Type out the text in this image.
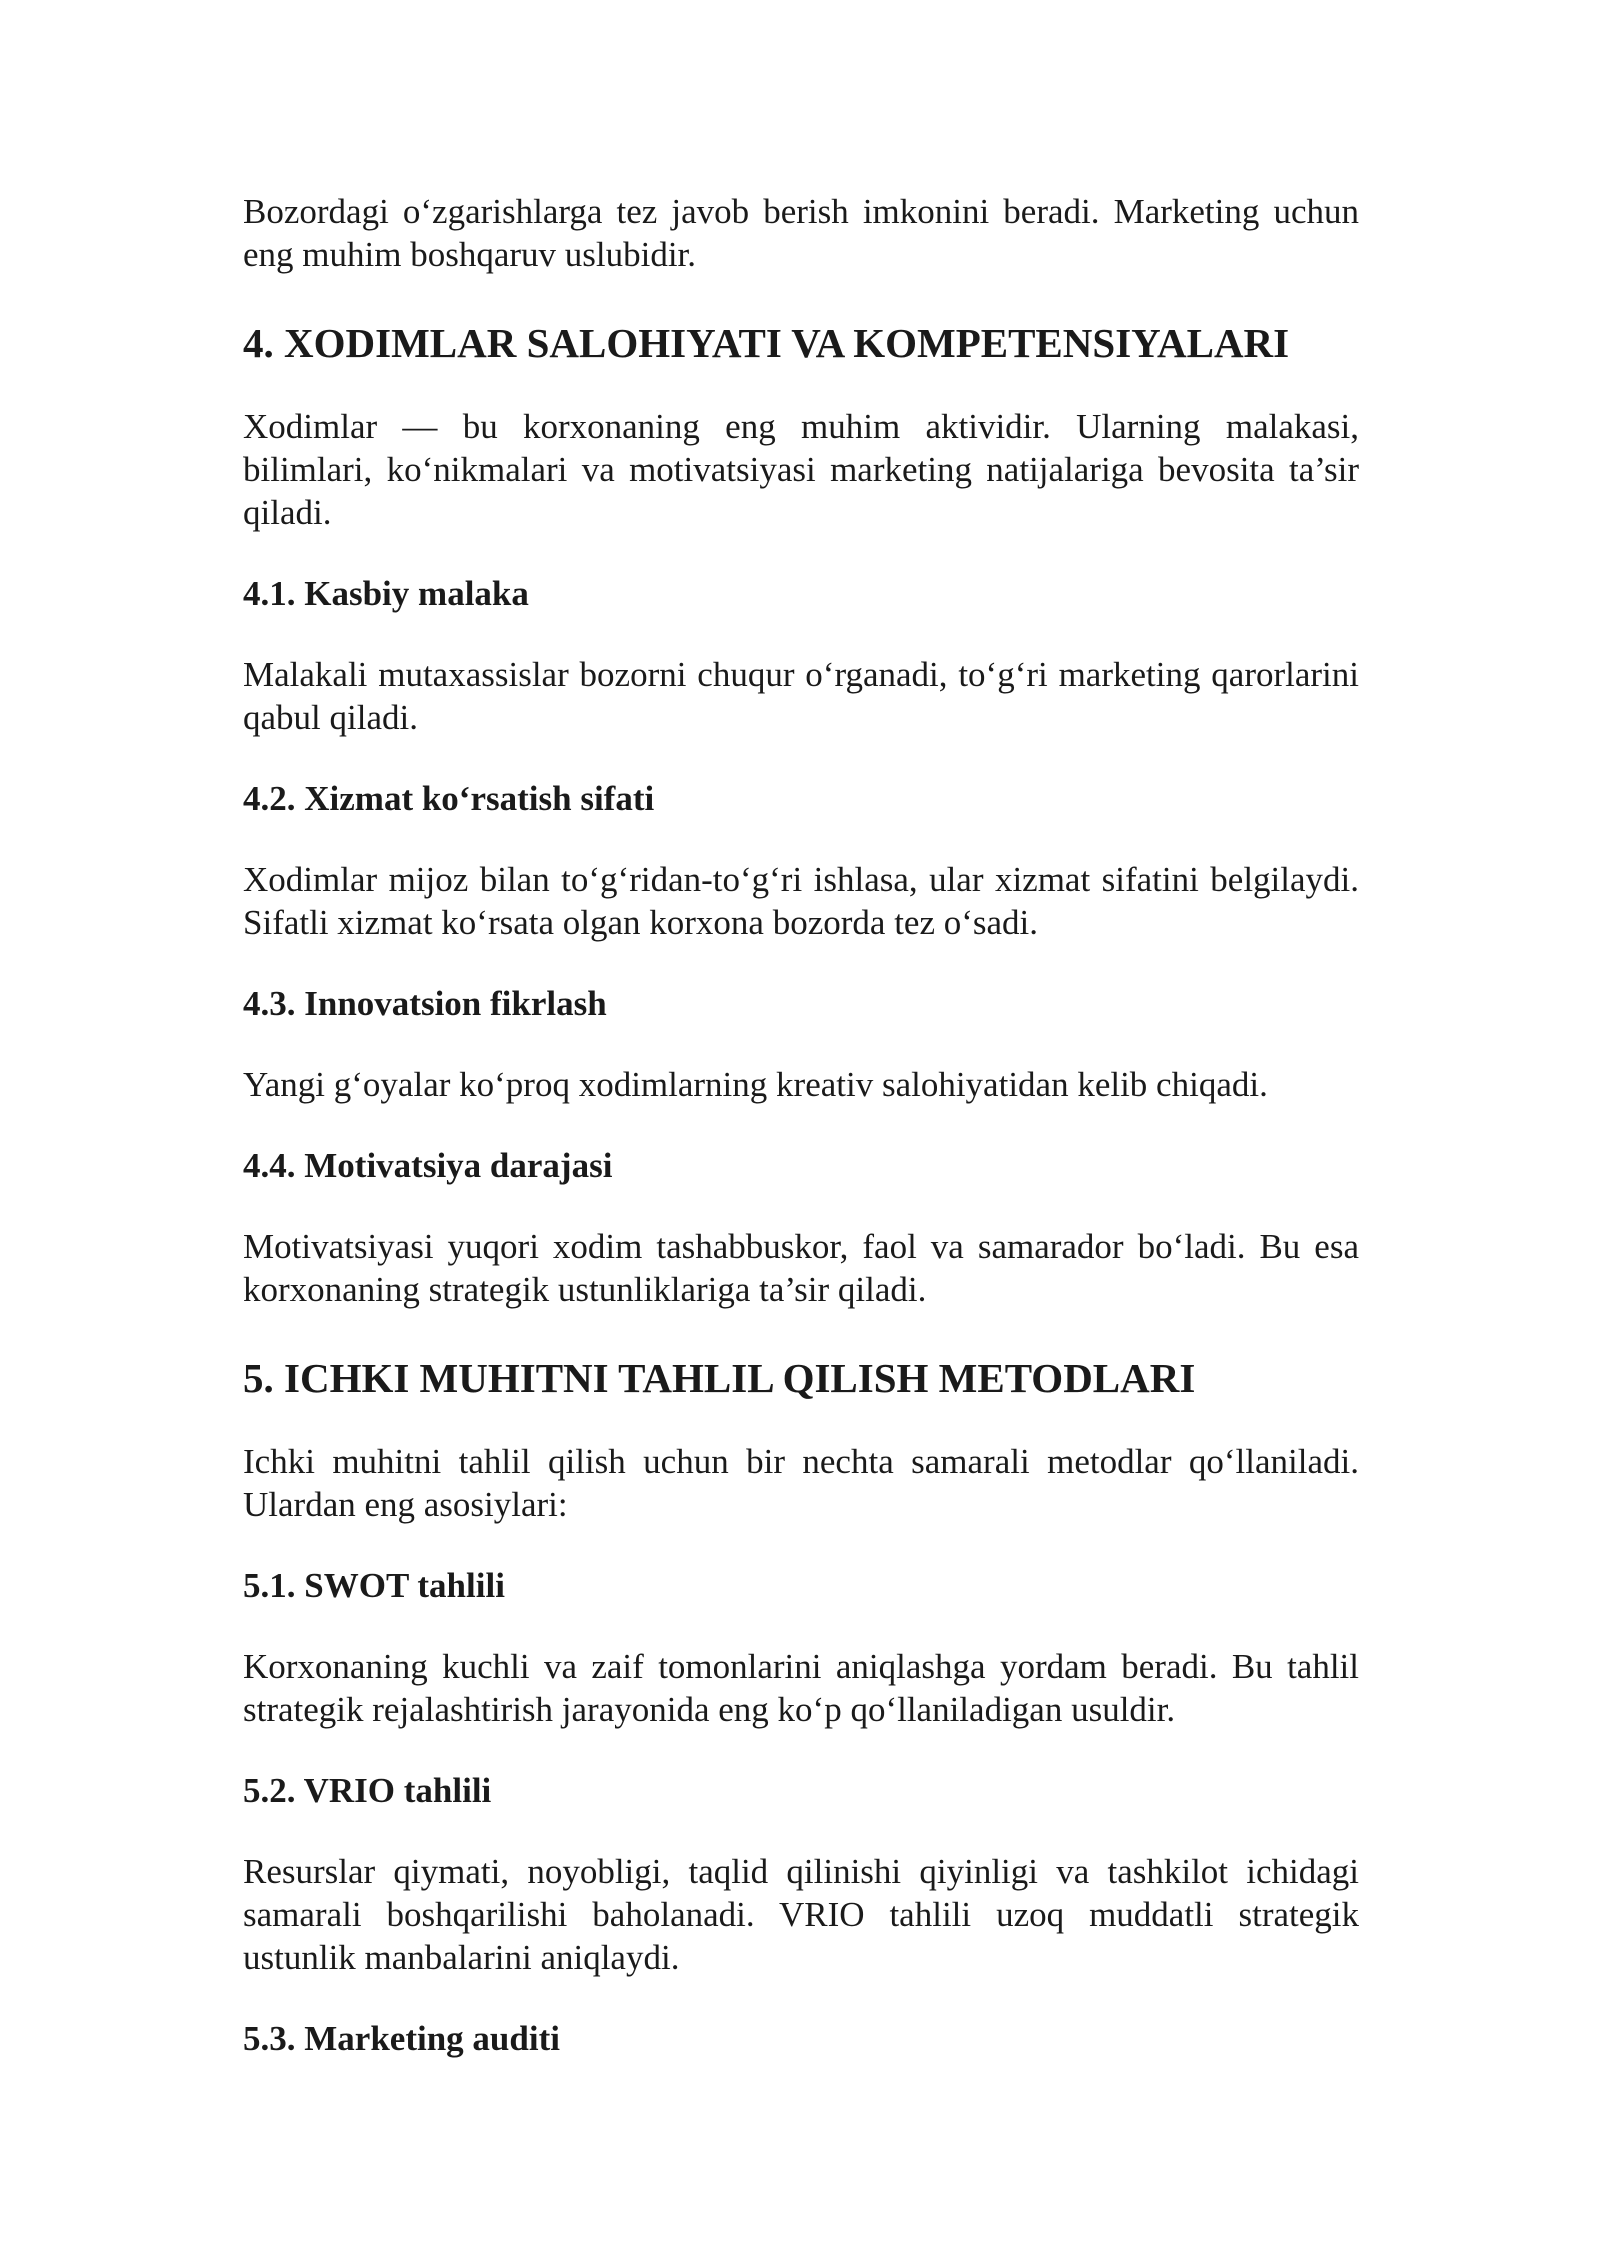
Bozordagi o‘zgarishlarga tez javob berish imkonini beradi. Marketing uchun eng muhim boshqaruv uslubidir.

4. XODIMLAR SALOHIYATI VA KOMPETENSIYALARI

Xodimlar — bu korxonaning eng muhim aktividir. Ularning malakasi, bilimlari, ko‘nikmalari va motivatsiyasi marketing natijalariga bevosita ta’sir qiladi.

4.1. Kasbiy malaka

Malakali mutaxassislar bozorni chuqur o‘rganadi, to‘g‘ri marketing qarorlarini qabul qiladi.

4.2. Xizmat ko‘rsatish sifati

Xodimlar mijoz bilan to‘g‘ridan-to‘g‘ri ishlasa, ular xizmat sifatini belgilaydi. Sifatli xizmat ko‘rsata olgan korxona bozorda tez o‘sadi.

4.3. Innovatsion fikrlash

Yangi g‘oyalar ko‘proq xodimlarning kreativ salohiyatidan kelib chiqadi.

4.4. Motivatsiya darajasi

Motivatsiyasi yuqori xodim tashabbuskor, faol va samarador bo‘ladi. Bu esa korxonaning strategik ustunliklariga ta’sir qiladi.

5. ICHKI MUHITNI TAHLIL QILISH METODLARI

Ichki muhitni tahlil qilish uchun bir nechta samarali metodlar qo‘llaniladi. Ulardan eng asosiylari:

5.1. SWOT tahlili

Korxonaning kuchli va zaif tomonlarini aniqlashga yordam beradi. Bu tahlil strategik rejalashtirish jarayonida eng ko‘p qo‘llaniladigan usuldir.

5.2. VRIO tahlili

Resurslar qiymati, noyobligi, taqlid qilinishi qiyinligi va tashkilot ichidagi samarali boshqarilishi baholanadi. VRIO tahlili uzoq muddatli strategik ustunlik manbalarini aniqlaydi.

5.3. Marketing auditi
